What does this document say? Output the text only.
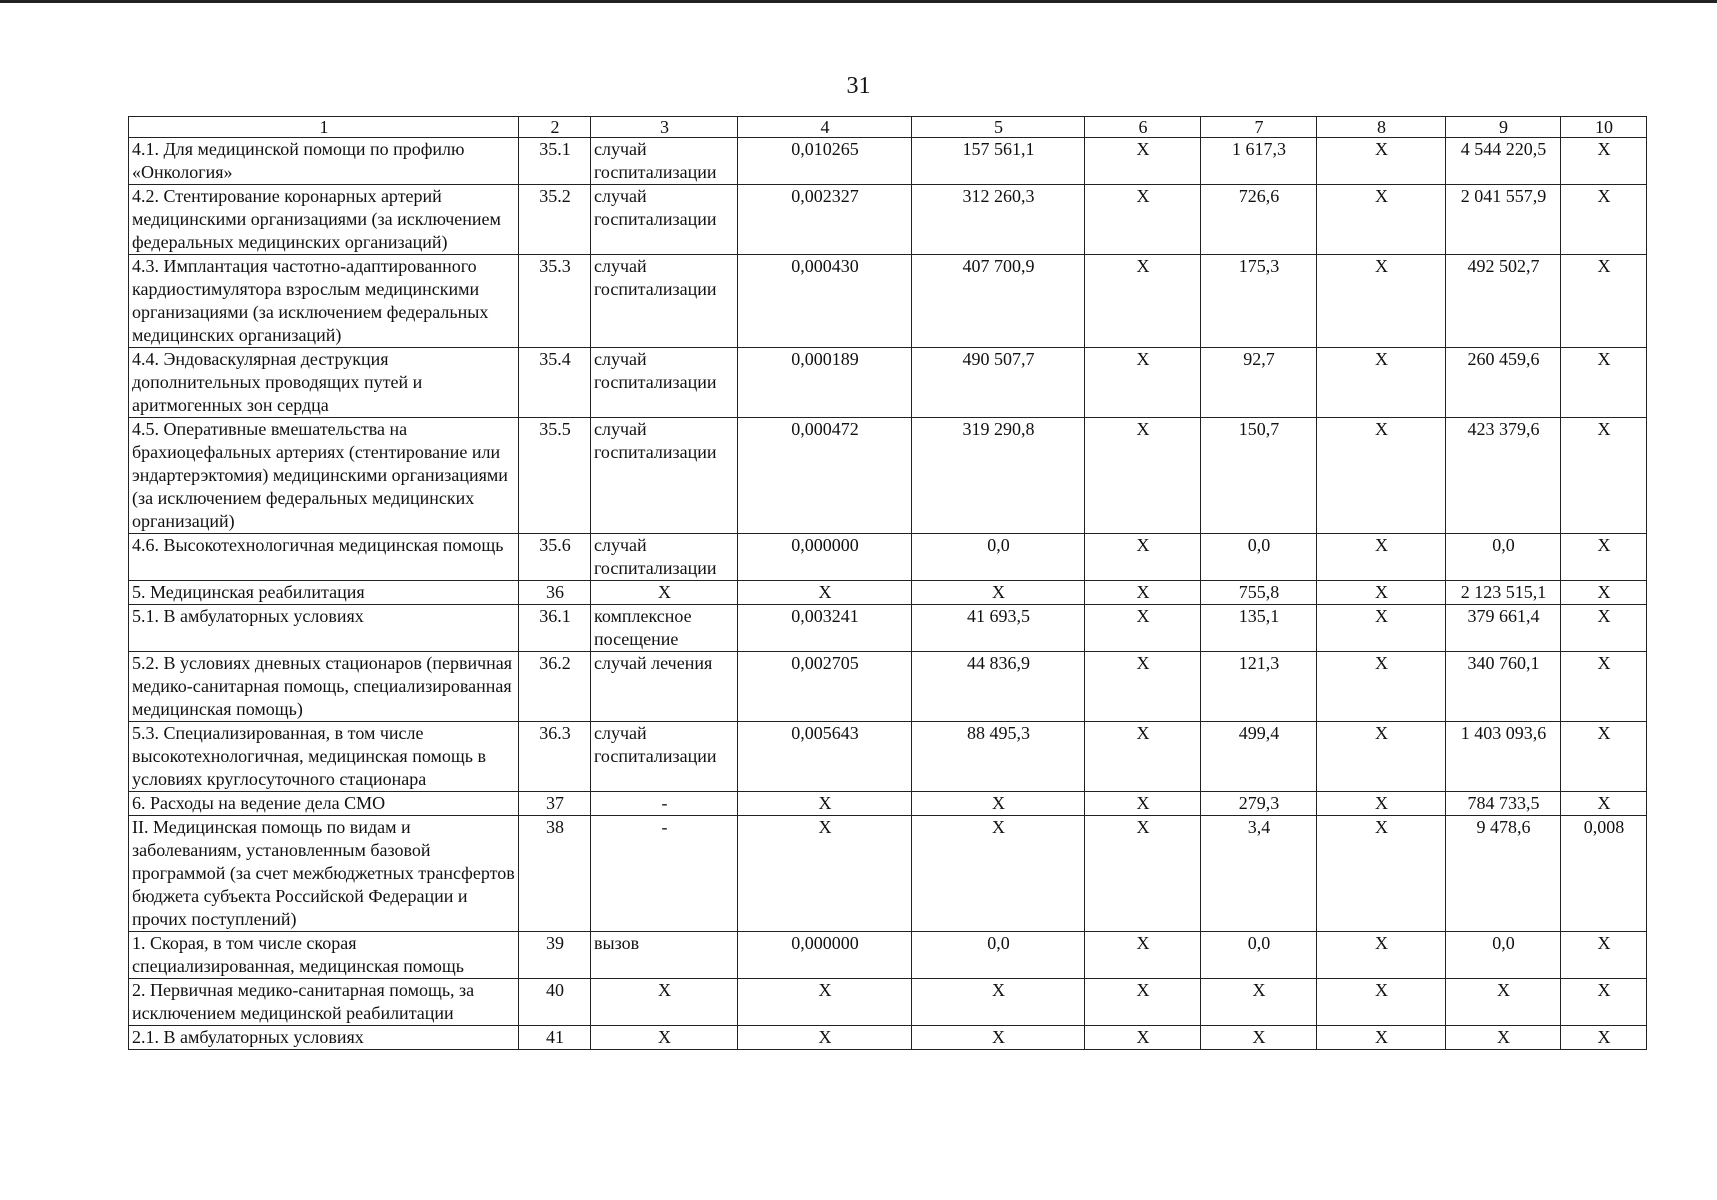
31
1	2	3	4	5	6	7	8	9	10
4.1. Для медицинской помощи по профилю «Онкология»	35.1	случай госпитализации	0,010265	157 561,1	Х	1 617,3	Х	4 544 220,5	Х
4.2. Стентирование коронарных артерий медицинскими организациями (за исключением федеральных медицинских организаций)	35.2	случай госпитализации	0,002327	312 260,3	Х	726,6	Х	2 041 557,9	Х
4.3. Имплантация частотно-адаптированного кардиостимулятора взрослым медицинскими организациями (за исключением федеральных медицинских организаций)	35.3	случай госпитализации	0,000430	407 700,9	Х	175,3	Х	492 502,7	Х
4.4. Эндоваскулярная деструкция дополнительных проводящих путей и аритмогенных зон сердца	35.4	случай госпитализации	0,000189	490 507,7	Х	92,7	Х	260 459,6	Х
4.5. Оперативные вмешательства на брахиоцефальных артериях (стентирование или эндартерэктомия) медицинскими организациями (за исключением федеральных медицинских организаций)	35.5	случай госпитализации	0,000472	319 290,8	Х	150,7	Х	423 379,6	Х
4.6. Высокотехнологичная медицинская помощь	35.6	случай госпитализации	0,000000	0,0	Х	0,0	Х	0,0	Х
5. Медицинская реабилитация	36	Х	Х	Х	Х	755,8	Х	2 123 515,1	Х
5.1. В амбулаторных условиях	36.1	комплексное посещение	0,003241	41 693,5	Х	135,1	Х	379 661,4	Х
5.2. В условиях дневных стационаров (первичная медико-санитарная помощь, специализированная медицинская помощь)	36.2	случай лечения	0,002705	44 836,9	Х	121,3	Х	340 760,1	Х
5.3. Специализированная, в том числе высокотехнологичная, медицинская помощь в условиях круглосуточного стационара	36.3	случай госпитализации	0,005643	88 495,3	Х	499,4	Х	1 403 093,6	Х
6. Расходы на ведение дела СМО	37	-	Х	Х	Х	279,3	Х	784 733,5	Х
II. Медицинская помощь по видам и заболеваниям, установленным базовой программой (за счет межбюджетных трансфертов бюджета субъекта Российской Федерации и прочих поступлений)	38	-	Х	Х	Х	3,4	Х	9 478,6	0,008
1. Скорая, в том числе скорая специализированная, медицинская помощь	39	вызов	0,000000	0,0	Х	0,0	Х	0,0	Х
2. Первичная медико-санитарная помощь, за исключением медицинской реабилитации	40	Х	Х	Х	Х	Х	Х	Х	Х
2.1. В амбулаторных условиях	41	Х	Х	Х	Х	Х	Х	Х	Х
